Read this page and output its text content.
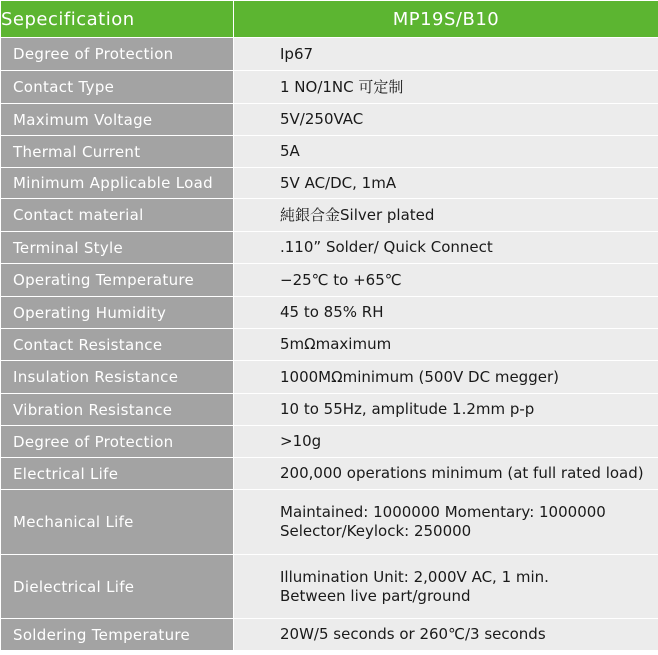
Sepecification	MP19S/B10
Degree of Protection	Ip67

Contact Type	1 NO/1NC 可定制

Maximum Voltage	5V/250VAC

Thermal Current	5A

Minimum Applicable Load	5V AC/DC, 1mA

Contact material	純銀合金Silver plated

Terminal Style	.110” Solder/ Quick Connect

Operating Temperature	−25℃ to +65℃

Operating Humidity	45 to 85% RH

Contact Resistance	5mΩmaximum

Insulation Resistance	1000MΩminimum (500V DC megger)

Vibration Resistance	10 to 55Hz, amplitude 1.2mm p-p

Degree of Protection	>10g

Electrical Life	200,000 operations minimum (at full rated load)

Mechanical Life	Maintained: 1000000 Momentary: 1000000
Selector/Keylock: 250000

Dielectrical Life	Illumination Unit: 2,000V AC, 1 min.
Between live part/ground

Soldering Temperature	20W/5 seconds or 260℃/3 seconds
